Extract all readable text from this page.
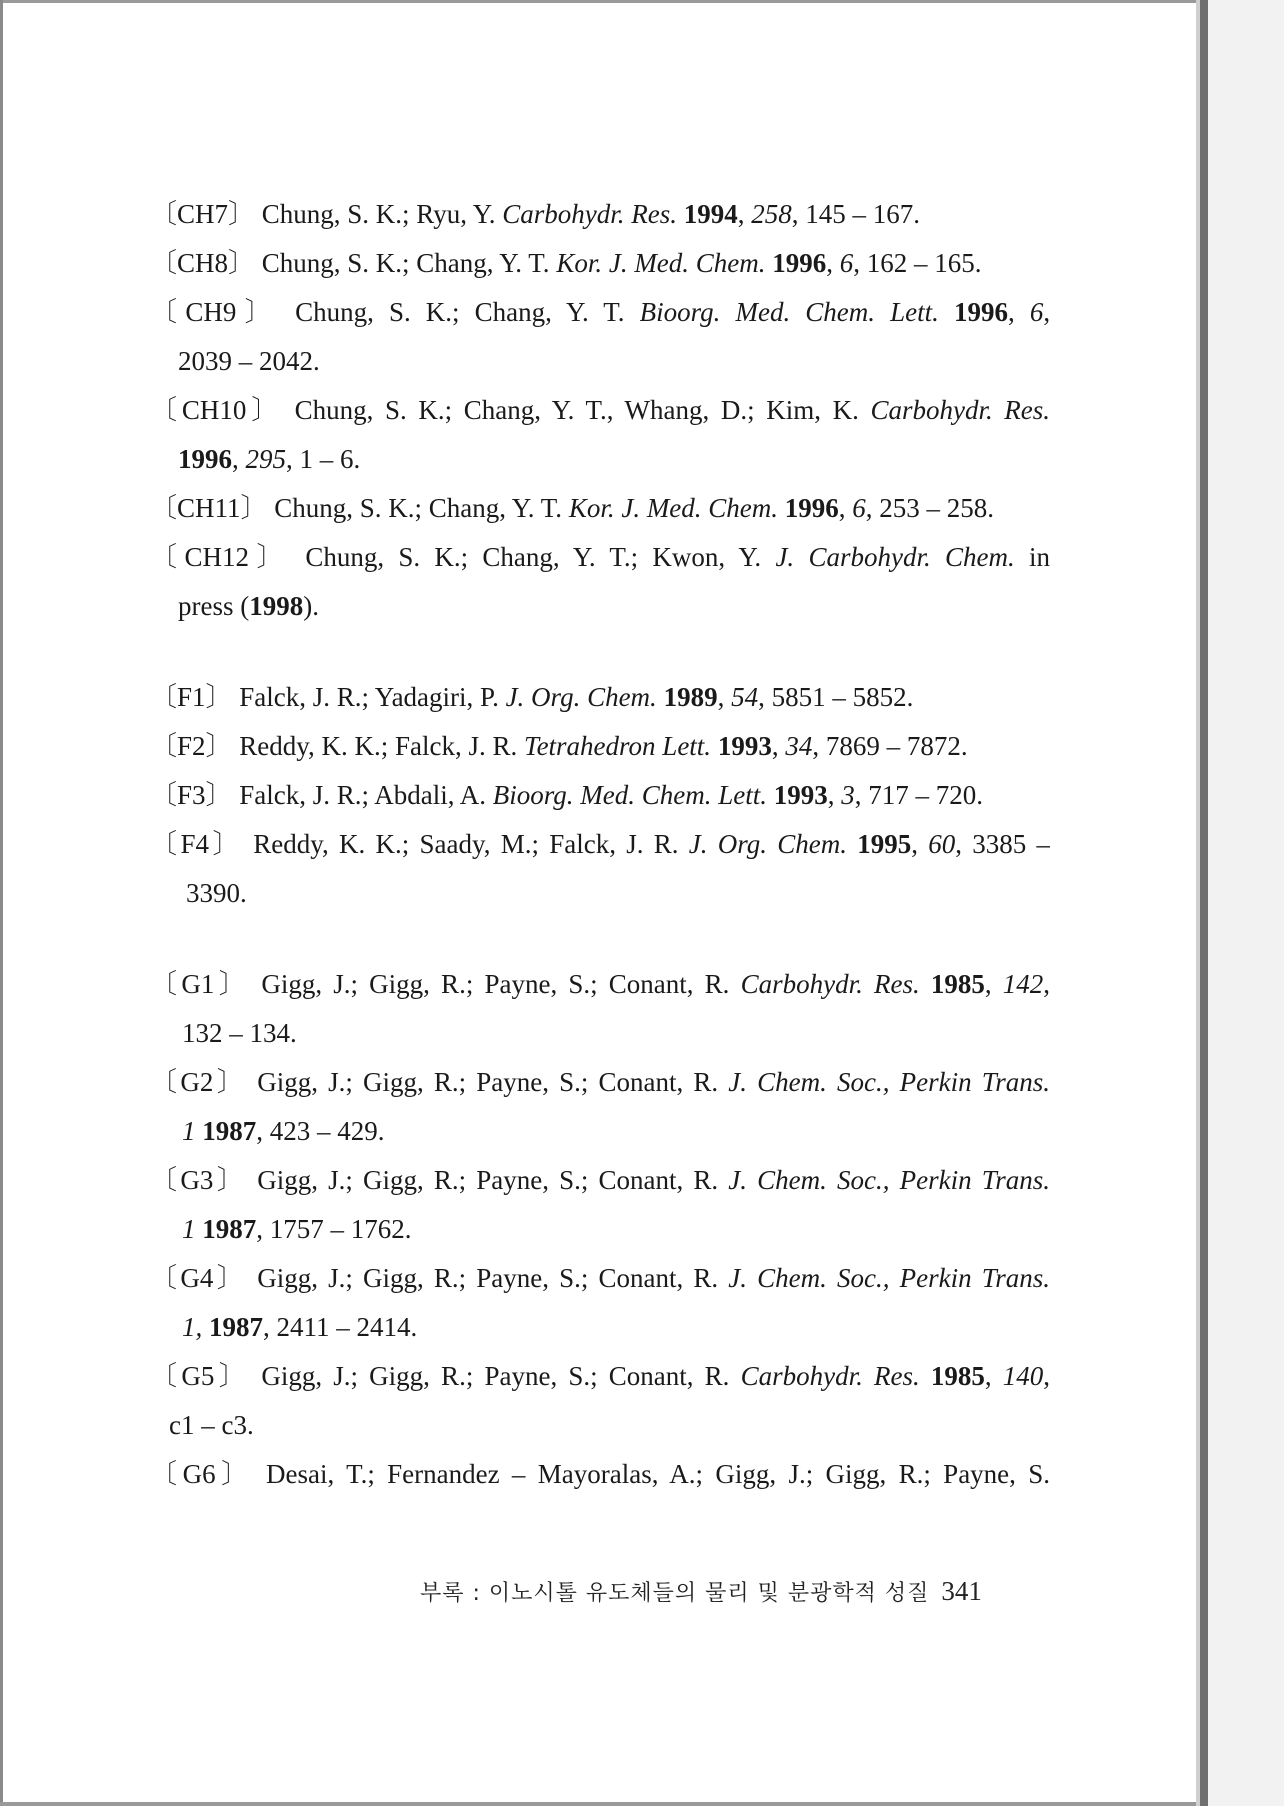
〔CH7〕 Chung, S. K.; Ryu, Y. Carbohydr. Res. 1994, 258, 145 – 167.

〔CH8〕 Chung, S. K.; Chang, Y. T. Kor. J. Med. Chem. 1996, 6, 162 – 165.

〔CH9〕 Chung, S. K.; Chang, Y. T. Bioorg. Med. Chem. Lett. 1996, 6,
2039 – 2042.

〔CH10〕 Chung, S. K.; Chang, Y. T., Whang, D.; Kim, K. Carbohydr. Res.
1996, 295, 1 – 6.

〔CH11〕 Chung, S. K.; Chang, Y. T. Kor. J. Med. Chem. 1996, 6, 253 – 258.

〔CH12〕 Chung, S. K.; Chang, Y. T.; Kwon, Y. J. Carbohydr. Chem. in
press (1998).

〔F1〕 Falck, J. R.; Yadagiri, P. J. Org. Chem. 1989, 54, 5851 – 5852.

〔F2〕 Reddy, K. K.; Falck, J. R. Tetrahedron Lett. 1993, 34, 7869 – 7872.

〔F3〕 Falck, J. R.; Abdali, A. Bioorg. Med. Chem. Lett. 1993, 3, 717 – 720.

〔F4〕 Reddy, K. K.; Saady, M.; Falck, J. R. J. Org. Chem. 1995, 60, 3385 –
3390.

〔G1〕 Gigg, J.; Gigg, R.; Payne, S.; Conant, R. Carbohydr. Res. 1985, 142,
132 – 134.

〔G2〕 Gigg, J.; Gigg, R.; Payne, S.; Conant, R. J. Chem. Soc., Perkin Trans.
1 1987, 423 – 429.

〔G3〕 Gigg, J.; Gigg, R.; Payne, S.; Conant, R. J. Chem. Soc., Perkin Trans.
1 1987, 1757 – 1762.

〔G4〕 Gigg, J.; Gigg, R.; Payne, S.; Conant, R. J. Chem. Soc., Perkin Trans.
1, 1987, 2411 – 2414.

〔G5〕 Gigg, J.; Gigg, R.; Payne, S.; Conant, R. Carbohydr. Res. 1985, 140,
c1 – c3.

〔G6〕 Desai, T.; Fernandez – Mayoralas, A.; Gigg, J.; Gigg, R.; Payne, S.

부록 : 이노시톨 유도체들의 물리 및 분광학적 성질 341
